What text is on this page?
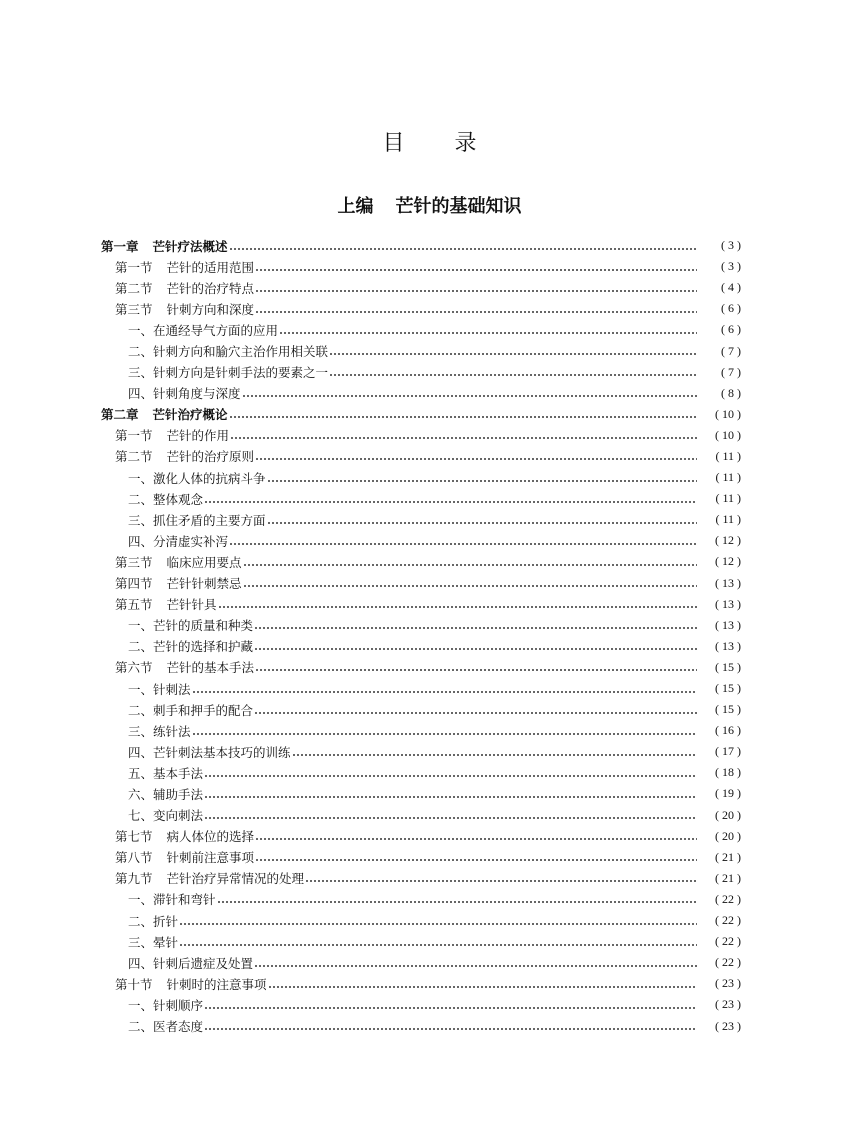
目录
上编 芒针的基础知识
第一章 芒针疗法概述	( 3 )
第一节 芒针的适用范围	( 3 )
第二节 芒针的治疗特点	( 4 )
第三节 针刺方向和深度	( 6 )
一、在通经导气方面的应用	( 6 )
二、针刺方向和腧穴主治作用相关联	( 7 )
三、针刺方向是针刺手法的要素之一	( 7 )
四、针刺角度与深度	( 8 )
第二章 芒针治疗概论	( 10 )
第一节 芒针的作用	( 10 )
第二节 芒针的治疗原则	( 11 )
一、激化人体的抗病斗争	( 11 )
二、整体观念	( 11 )
三、抓住矛盾的主要方面	( 11 )
四、分清虚实补泻	( 12 )
第三节 临床应用要点	( 12 )
第四节 芒针针刺禁忌	( 13 )
第五节 芒针针具	( 13 )
一、芒针的质量和种类	( 13 )
二、芒针的选择和护藏	( 13 )
第六节 芒针的基本手法	( 15 )
一、针刺法	( 15 )
二、刺手和押手的配合	( 15 )
三、练针法	( 16 )
四、芒针刺法基本技巧的训练	( 17 )
五、基本手法	( 18 )
六、辅助手法	( 19 )
七、变向刺法	( 20 )
第七节 病人体位的选择	( 20 )
第八节 针刺前注意事项	( 21 )
第九节 芒针治疗异常情况的处理	( 21 )
一、滞针和弯针	( 22 )
二、折针	( 22 )
三、晕针	( 22 )
四、针刺后遗症及处置	( 22 )
第十节 针刺时的注意事项	( 23 )
一、针刺顺序	( 23 )
二、医者态度	( 23 )
